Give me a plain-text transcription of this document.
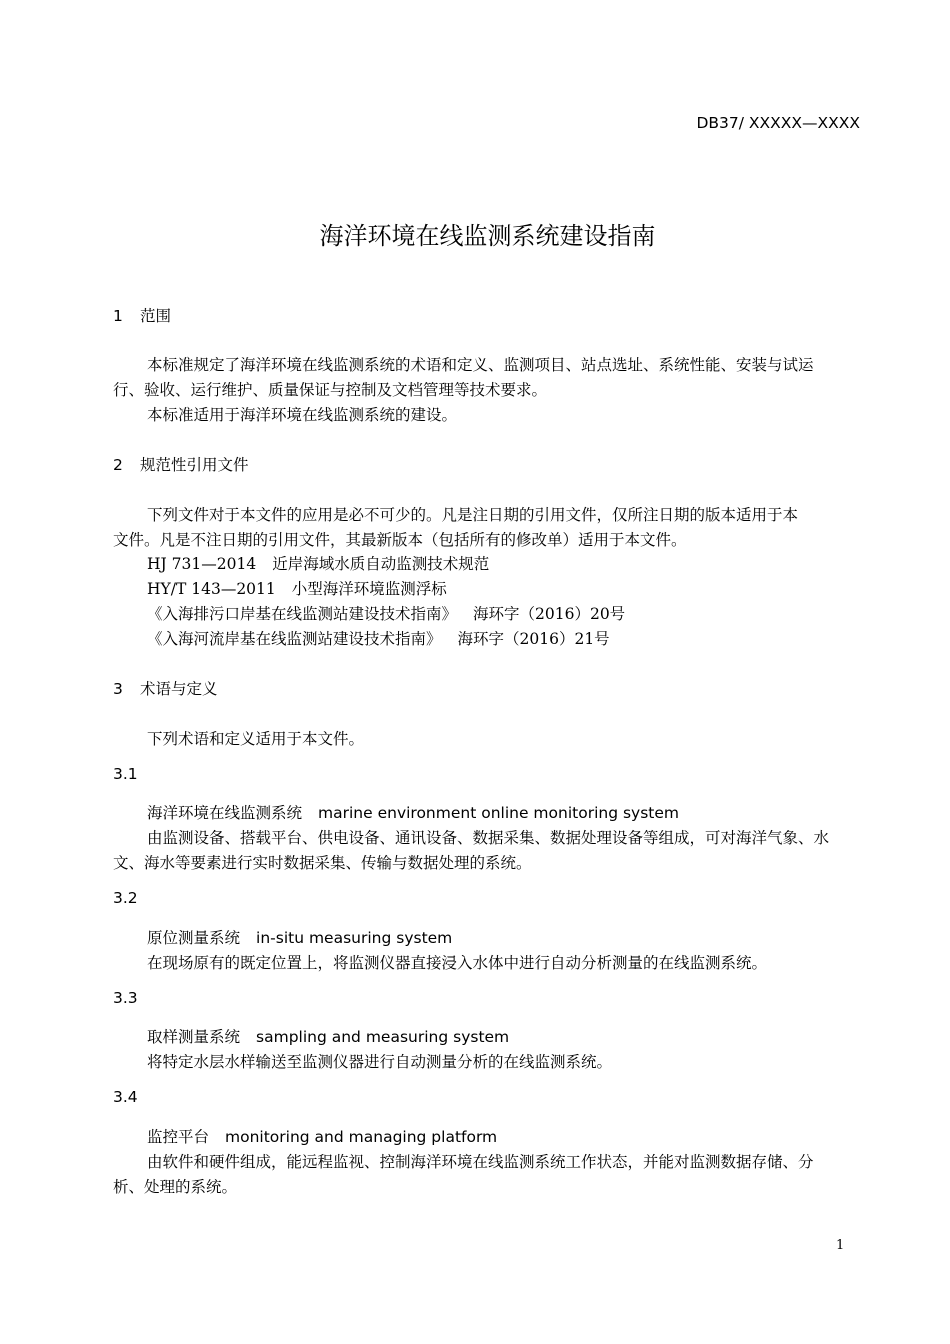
DB37/ XXXXX—XXXX
海洋环境在线监测系统建设指南
1 范围
本标准规定了海洋环境在线监测系统的术语和定义、监测项目、站点选址、系统性能、安装与试运
行、验收、运行维护、质量保证与控制及文档管理等技术要求。
本标准适用于海洋环境在线监测系统的建设。
2 规范性引用文件
下列文件对于本文件的应用是必不可少的。凡是注日期的引用文件，仅所注日期的版本适用于本
文件。凡是不注日期的引用文件，其最新版本（包括所有的修改单）适用于本文件。
HJ 731—2014 近岸海域水质自动监测技术规范
HY/T 143—2011 小型海洋环境监测浮标
《入海排污口岸基在线监测站建设技术指南》 海环字（2016）20号
《入海河流岸基在线监测站建设技术指南》 海环字（2016）21号
3 术语与定义
下列术语和定义适用于本文件。
3.1
海洋环境在线监测系统 marine environment online monitoring system
由监测设备、搭载平台、供电设备、通讯设备、数据采集、数据处理设备等组成，可对海洋气象、水
文、海水等要素进行实时数据采集、传输与数据处理的系统。
3.2
原位测量系统 in-situ measuring system
在现场原有的既定位置上，将监测仪器直接浸入水体中进行自动分析测量的在线监测系统。
3.3
取样测量系统 sampling and measuring system
将特定水层水样输送至监测仪器进行自动测量分析的在线监测系统。
3.4
监控平台 monitoring and managing platform
由软件和硬件组成，能远程监视、控制海洋环境在线监测系统工作状态，并能对监测数据存储、分
析、处理的系统。
1
